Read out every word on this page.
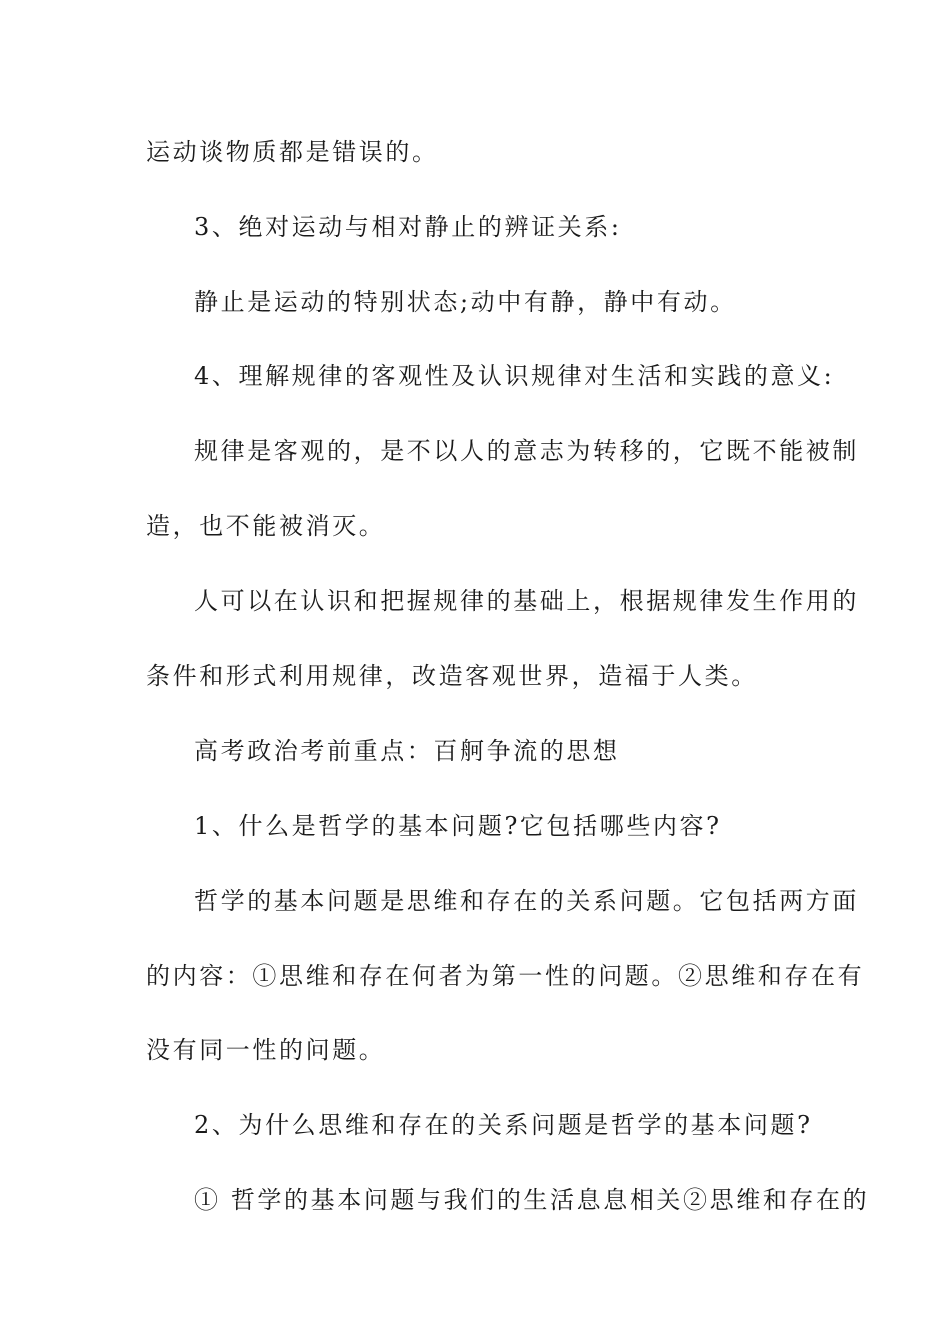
运动谈物质都是错误的。
3、绝对运动与相对静止的辨证关系:
静止是运动的特别状态;动中有静，静中有动。
4、理解规律的客观性及认识规律对生活和实践的意义:
规律是客观的，是不以人的意志为转移的，它既不能被制
造，也不能被消灭。
人可以在认识和把握规律的基础上，根据规律发生作用的
条件和形式利用规律，改造客观世界，造福于人类。
高考政治考前重点：百舸争流的思想
1、什么是哲学的基本问题?它包括哪些内容?
哲学的基本问题是思维和存在的关系问题。它包括两方面
的内容：①思维和存在何者为第一性的问题。②思维和存在有
没有同一性的问题。
2、为什么思维和存在的关系问题是哲学的基本问题?
① 哲学的基本问题与我们的生活息息相关②思维和存在的
